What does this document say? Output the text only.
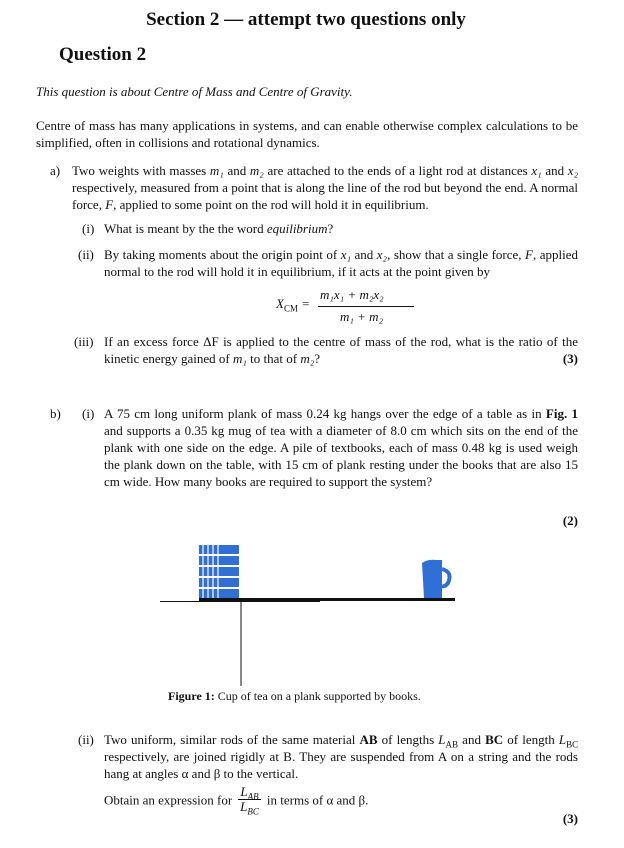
Section 2 — attempt two questions only
Question 2
This question is about Centre of Mass and Centre of Gravity.
Centre of mass has many applications in systems, and can enable otherwise complex calculations to be simplified, often in collisions and rotational dynamics.
a) Two weights with masses m₁ and m₂ are attached to the ends of a light rod at distances x₁ and x₂ respectively, measured from a point that is along the line of the rod but beyond the end. A normal force, F, applied to some point on the rod will hold it in equilibrium.
(i) What is meant by the the word equilibrium?
(ii) By taking moments about the origin point of x₁ and x₂, show that a single force, F, applied normal to the rod will hold it in equilibrium, if it acts at the point given by
$X_{CM}$ =
m₁x₁ + m₂x₂
m₁ + m₂
(iii) If an excess force ΔF is applied to the centre of mass of the rod, what is the ratio of the kinetic energy gained of m₁ to that of m₂?	(3)
b) (i) A 75 cm long uniform plank of mass 0.24 kg hangs over the edge of a table as in Fig. 1 and supports a 0.35 kg mug of tea with a diameter of 8.0 cm which sits on the end of the plank with one side on the edge. A pile of textbooks, each of mass 0.48 kg is used weigh the plank down on the table, with 15 cm of plank resting under the books that are also 15 cm wide. How many books are required to support the system?
(2)
Figure 1: Cup of tea on a plank supported by books.
(ii) Two uniform, similar rods of the same material AB of lengths $L_{AB}$ and BC of length $L_{BC}$ respectively, are joined rigidly at B. They are suspended from A on a string and the rods hang at angles α and β to the vertical.
Obtain an expression for $\frac{L_{AB}}{L_{BC}}$ in terms of α and β.
(3)
